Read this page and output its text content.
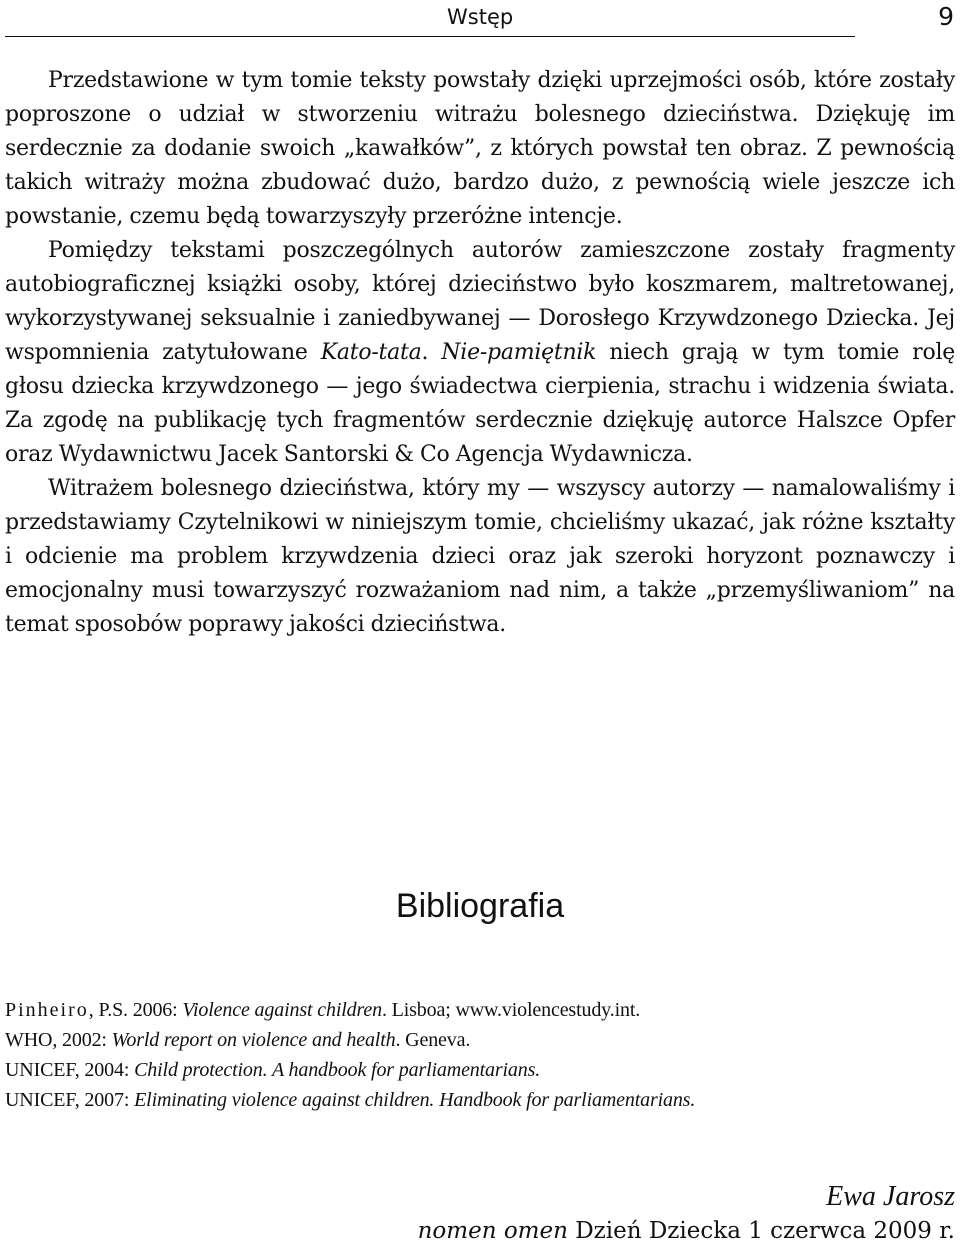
Wstęp	9

Przedstawione w tym tomie teksty powstały dzięki uprzejmości osób, które zostały poproszone o udział w stworzeniu witrażu bolesnego dzieciństwa. Dziękuję im serdecznie za dodanie swoich „kawałków”, z których powstał ten obraz. Z pewnością takich witraży można zbudować dużo, bardzo dużo, z pewnością wiele jeszcze ich powstanie, czemu będą towarzyszyły przeróżne intencje.

Pomiędzy tekstami poszczególnych autorów zamieszczone zostały fragmenty autobiograficznej książki osoby, której dzieciństwo było koszmarem, maltretowanej, wykorzystywanej seksualnie i zaniedbywanej — Dorosłego Krzywdzonego Dziecka. Jej wspomnienia zatytułowane Kato-tata. Nie-pamiętnik niech grają w tym tomie rolę głosu dziecka krzywdzonego — jego świadectwa cierpienia, strachu i widzenia świata. Za zgodę na publikację tych fragmentów serdecznie dziękuję autorce Halszce Opfer oraz Wydawnictwu Jacek Santorski & Co Agencja Wydawnicza.

Witrażem bolesnego dzieciństwa, który my — wszyscy autorzy — namalowaliśmy i przedstawiamy Czytelnikowi w niniejszym tomie, chcieliśmy ukazać, jak różne kształty i odcienie ma problem krzywdzenia dzieci oraz jak szeroki horyzont poznawczy i emocjonalny musi towarzyszyć rozważaniom nad nim, a także „przemyśliwaniom” na temat sposobów poprawy jakości dzieciństwa.

Bibliografia
Pinheiro, P.S. 2006: Violence against children. Lisboa; www.violencestudy.int.
WHO, 2002: World report on violence and health. Geneva.
UNICEF, 2004: Child protection. A handbook for parliamentarians.
UNICEF, 2007: Eliminating violence against children. Handbook for parliamentarians.
Ewa Jarosz
nomen omen Dzień Dziecka 1 czerwca 2009 r.
